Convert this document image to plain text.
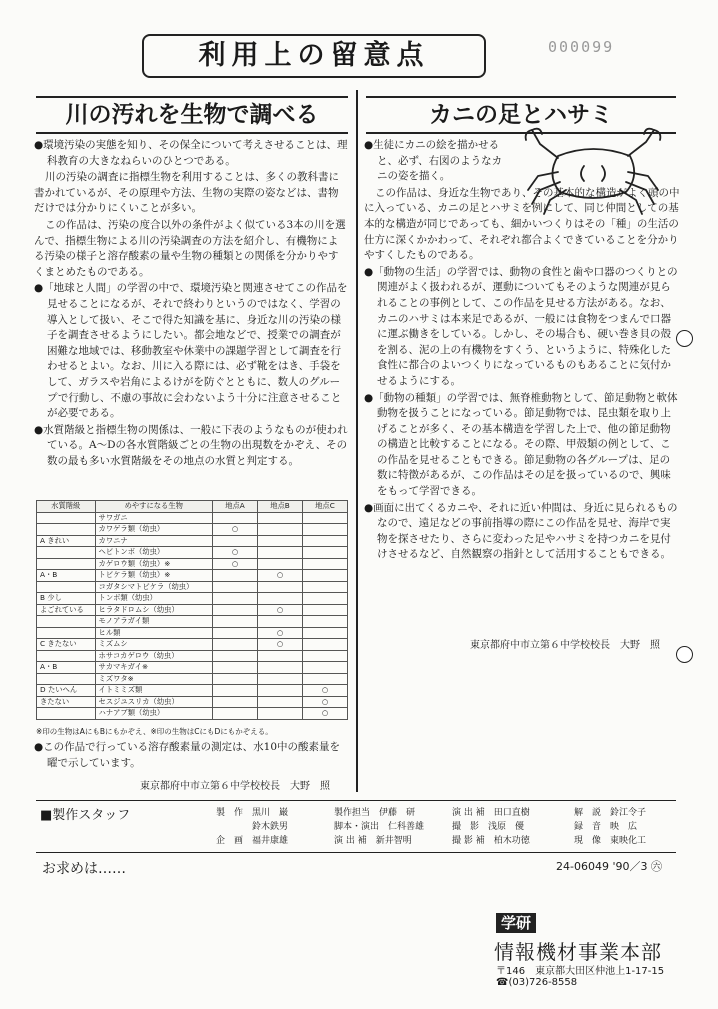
000099
利用上の留意点
川の汚れを生物で調べる

●環境汚染の実態を知り、その保全について考えさせることは、理科教育の大きなねらいのひとつである。

川の汚染の調査に指標生物を利用することは、多くの教科書に書かれているが、その原理や方法、生物の実際の姿などは、書物だけでは分かりにくいことが多い。

この作品は、汚染の度合以外の条件がよく似ている3本の川を選んで、指標生物による川の汚染調査の方法を紹介し、有機物による汚染の様子と溶存酸素の量や生物の種類との関係を分かりやすくまとめたものである。

●「地球と人間」の学習の中で、環境汚染と関連させてこの作品を見せることになるが、それで終わりというのではなく、学習の導入として扱い、そこで得た知識を基に、身近な川の汚染の様子を調査させるようにしたい。都会地などで、授業での調査が困難な地域では、移動教室や休業中の課題学習として調査を行わせるとよい。なお、川に入る際には、必ず靴をはき、手袋をして、ガラスや岩角によるけがを防ぐとともに、数人のグループで行動し、不慮の事故に会わないよう十分に注意させることが必要である。

●水質階級と指標生物の関係は、一般に下表のようなものが使われている。A～Dの各水質階級ごとの生物の出現数をかぞえ、その数の最も多い水質階級をその地点の水質と判定する。

水質階級	めやすになる生物	地点A	地点B	地点C
	サワガニ			
	カワゲラ類（幼虫）	○		
A きれい	カワニナ			
	ヘビトンボ（幼虫）	○		
	カゲロウ類（幼虫）※	○		
A・B	トビケラ類（幼虫）※		○	
	コガタシマトビケラ（幼虫）			
B 少し	トンボ類（幼虫）			
よごれている	ヒラタドロムシ（幼虫）		○	
	モノアラガイ類			
	ヒル類		○	
C きたない	ミズムシ		○	
	ホサコカゲロウ（幼虫）			
A・B	サカマキガイ※			
	ミズワタ※			
D たいへん	イトミミズ類			○
きたない	セスジユスリカ（幼虫）			○
	ハナアブ類（幼虫）			○
※印の生物はAにもBにもかぞえ、※印の生物はCにもDにもかぞえる。

●この作品で行っている溶存酸素量の測定は、水10中の酸素量を曜で示しています。

東京都府中市立第６中学校校長　大野　照
カニの足とハサミ

●生徒にカニの絵を描かせると、必ず、右図のようなカニの姿を描く。

この作品は、身近な生物であり、その基本的な構造がよく頭の中に入っている、カニの足とハサミを例にして、同じ仲間としての基本的な構造が同じであっても、細かいつくりはその「種」の生活の仕方に深くかかわって、それぞれ都合よくできていることを分かりやすくしたものである。

●「動物の生活」の学習では、動物の食性と歯や口器のつくりとの関連がよく扱われるが、運動についてもそのような関連が見られることの事例として、この作品を見せる方法がある。なお、カニのハサミは本来足であるが、一般には食物をつまんで口器に運ぶ働きをしている。しかし、その場合も、硬い巻き貝の殻を割る、泥の上の有機物をすくう、というように、特殊化した食性に都合のよいつくりになっているものもあることに気付かせるようにする。

●「動物の種類」の学習では、無脊椎動物として、節足動物と軟体動物を扱うことになっている。節足動物では、昆虫類を取り上げることが多く、その基本構造を学習した上で、他の節足動物の構造と比較することになる。その際、甲殻類の例として、この作品を見せることもできる。節足動物の各グループは、足の数に特徴があるが、この作品はその足を扱っているので、興味をもって学習できる。

●画面に出てくるカニや、それに近い仲間は、身近に見られるものなので、遠足などの事前指導の際にこの作品を見せ、海岸で実物を探させたり、さらに変わった足やハサミを持つカニを見付けさせるなど、自然観察の指針として活用することもできる。

東京都府中市立第６中学校校長　大野　照
■製作スタッフ	製　作　黒川　巌
　　　　鈴木鉄男
企　画　福井康雄
製作担当　伊藤　研
脚本・演出　仁科善雄
演 出 補　新井智明
演 出 補　田口直樹
撮　影　浅原　優
撮 影 補　柏木功徳
解　説　鈴江令子
録　音　映　広
現　像　東映化工
お求めは……	24-06049 '90／3 ㊅
学研
情報機材事業本部
〒146　東京都大田区仲池上1-17-15
☎(03)726-8558
